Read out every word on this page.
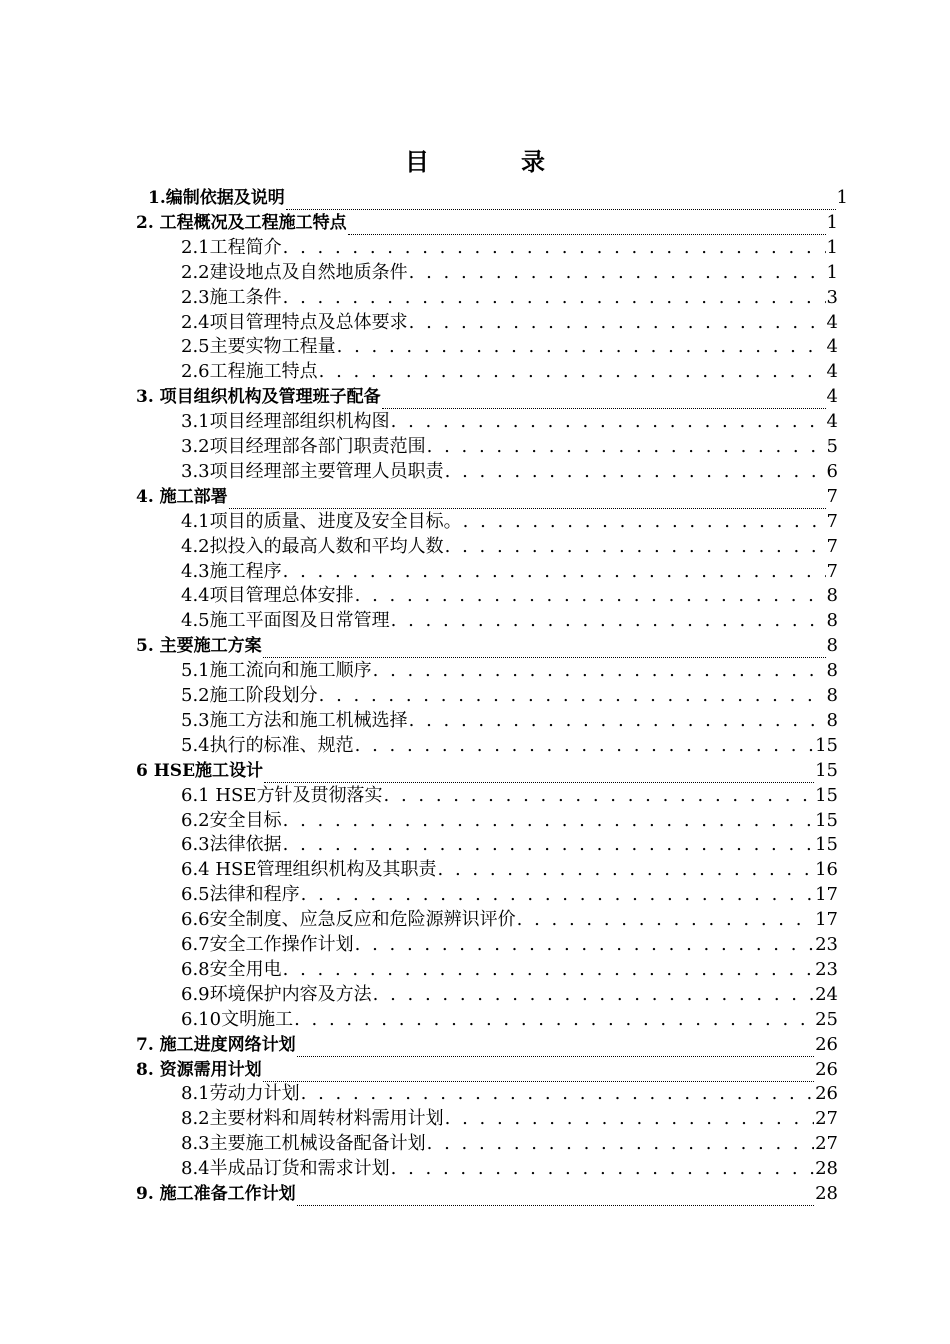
目　录
1.编制依据及说明	1
2. 工程概况及工程施工特点	1
2.1工程简介 . . .	1
2.2建设地点及自然地质条件 . . .	1
2.3施工条件 . . .	3
2.4项目管理特点及总体要求 . . .	4
2.5主要实物工程量 . . .	4
2.6工程施工特点 . . .	4
3. 项目组织机构及管理班子配备	4
3.1项目经理部组织机构图 . . .	4
3.2项目经理部各部门职责范围 . . .	5
3.3项目经理部主要管理人员职责 . . .	6
4. 施工部署	7
4.1项目的质量、进度及安全目标。 . . .	7
4.2拟投入的最高人数和平均人数 . . .	7
4.3施工程序 . . .	7
4.4项目管理总体安排 . . .	8
4.5施工平面图及日常管理 . . .	8
5. 主要施工方案	8
5.1施工流向和施工顺序 . . .	8
5.2施工阶段划分 . . .	8
5.3施工方法和施工机械选择 . . .	8
5.4执行的标准、规范 . . .	15
6 HSE施工设计	15
6.1 HSE方针及贯彻落实 . . .	15
6.2安全目标 . . .	15
6.3法律依据 . . .	15
6.4 HSE管理组织机构及其职责 . . .	16
6.5法律和程序 . . .	17
6.6安全制度、应急反应和危险源辨识评价 . . .	17
6.7安全工作操作计划 . . .	23
6.8安全用电 . . .	23
6.9环境保护内容及方法 . . .	24
6.10文明施工 . . .	25
7. 施工进度网络计划	26
8. 资源需用计划	26
8.1劳动力计划 . . .	26
8.2主要材料和周转材料需用计划 . . .	27
8.3主要施工机械设备配备计划 . . .	27
8.4半成品订货和需求计划 . . .	28
9. 施工准备工作计划	28
